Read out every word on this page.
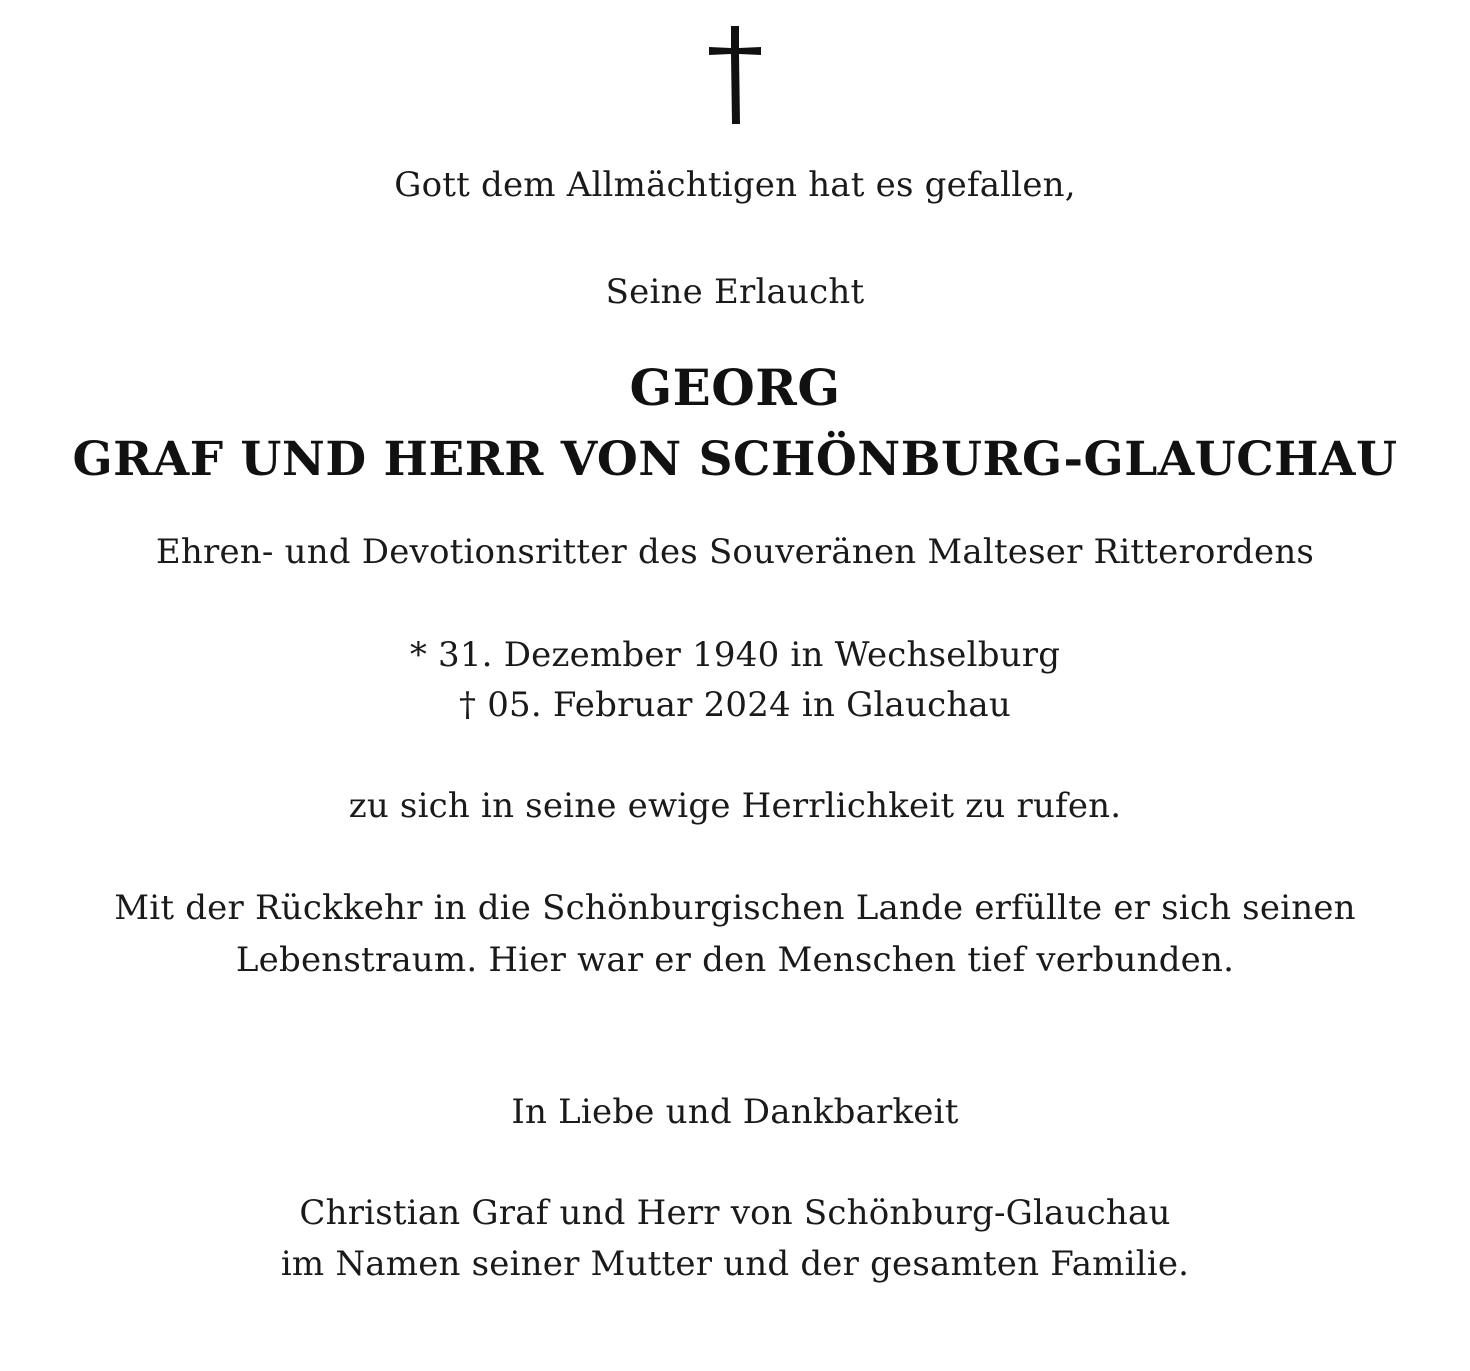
Gott dem Allmächtigen hat es gefallen,
Seine Erlaucht
GEORG
GRAF UND HERR VON SCHÖNBURG-GLAUCHAU
Ehren- und Devotionsritter des Souveränen Malteser Ritterordens
* 31. Dezember 1940 in Wechselburg
† 05. Februar 2024 in Glauchau
zu sich in seine ewige Herrlichkeit zu rufen.
Mit der Rückkehr in die Schönburgischen Lande erfüllte er sich seinen
Lebenstraum. Hier war er den Menschen tief verbunden.
In Liebe und Dankbarkeit
Christian Graf und Herr von Schönburg-Glauchau
im Namen seiner Mutter und der gesamten Familie.
